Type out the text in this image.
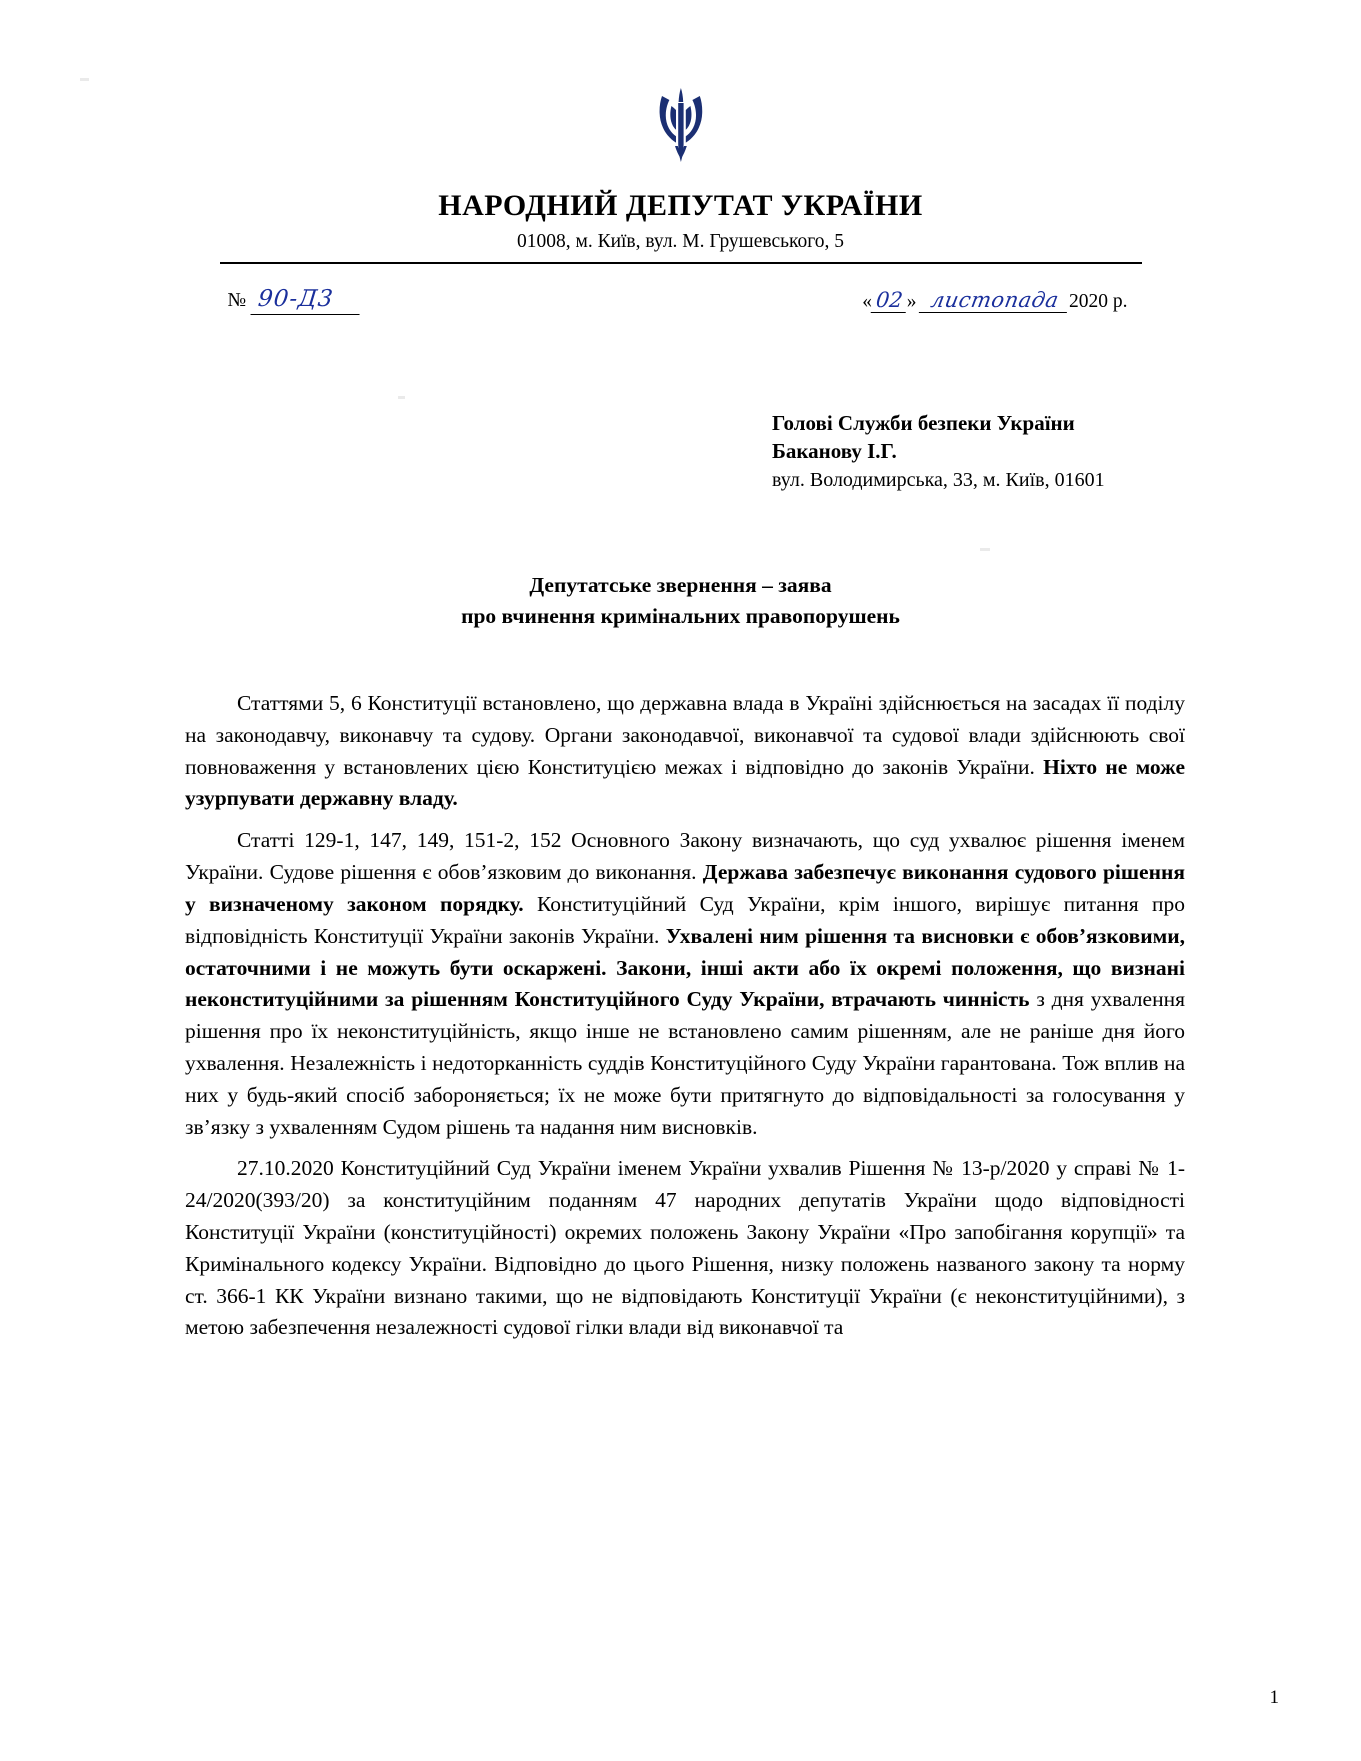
НАРОДНИЙ ДЕПУТАТ УКРАЇНИ
01008, м. Київ, вул. М. Грушевського, 5
№ 90-Д3	« 02 » листопада 2020 р.
Голові Служби безпеки України
Баканову І.Г.
вул. Володимирська, 33, м. Київ, 01601
Депутатське звернення – заява
про вчинення кримінальних правопорушень

Статтями 5, 6 Конституції встановлено, що державна влада в Україні здійснюється на засадах її поділу на законодавчу, виконавчу та судову. Органи законодавчої, виконавчої та судової влади здійснюють свої повноваження у встановлених цією Конституцією межах і відповідно до законів України. Ніхто не може узурпувати державну владу.

Статті 129-1, 147, 149, 151-2, 152 Основного Закону визначають, що суд ухвалює рішення іменем України. Судове рішення є обов’язковим до виконання. Держава забезпечує виконання судового рішення у визначеному законом порядку. Конституційний Суд України, крім іншого, вирішує питання про відповідність Конституції України законів України. Ухвалені ним рішення та висновки є обов’язковими, остаточними і не можуть бути оскаржені. Закони, інші акти або їх окремі положення, що визнані неконституційними за рішенням Конституційного Суду України, втрачають чинність з дня ухвалення рішення про їх неконституційність, якщо інше не встановлено самим рішенням, але не раніше дня його ухвалення. Незалежність і недоторканність суддів Конституційного Суду України гарантована. Тож вплив на них у будь-який спосіб забороняється; їх не може бути притягнуто до відповідальності за голосування у зв’язку з ухваленням Судом рішень та надання ним висновків.

27.10.2020 Конституційний Суд України іменем України ухвалив Рішення № 13-р/2020 у справі № 1-24/2020(393/20) за конституційним поданням 47 народних депутатів України щодо відповідності Конституції України (конституційності) окремих положень Закону України «Про запобігання корупції» та Кримінального кодексу України. Відповідно до цього Рішення, низку положень названого закону та норму ст. 366-1 КК України визнано такими, що не відповідають Конституції України (є неконституційними), з метою забезпечення незалежності судової гілки влади від виконавчої та

1
